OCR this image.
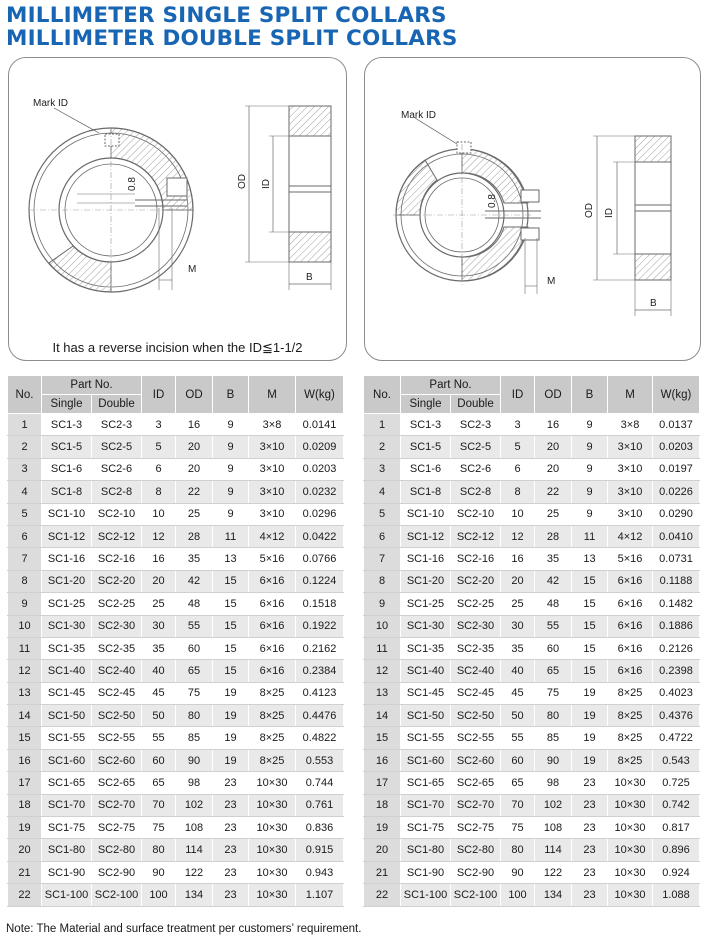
MILLIMETER SINGLE SPLIT COLLARS
MILLIMETER DOUBLE SPLIT COLLARS
Mark ID
0.8	OD ID
M
B
It has a reverse incision when the ID≦1-1/2
Mark ID
0.8
OD ID
M
B
No.	Part No.		ID	OD	B	M	W(kg)
	Single	Double					
1	SC1-3	SC2-3	3	16	9	3×8	0.0141
2	SC1-5	SC2-5	5	20	9	3×10	0.0209
3	SC1-6	SC2-6	6	20	9	3×10	0.0203
4	SC1-8	SC2-8	8	22	9	3×10	0.0232
5	SC1-10	SC2-10	10	25	9	3×10	0.0296
6	SC1-12	SC2-12	12	28	11	4×12	0.0422
7	SC1-16	SC2-16	16	35	13	5×16	0.0766
8	SC1-20	SC2-20	20	42	15	6×16	0.1224
9	SC1-25	SC2-25	25	48	15	6×16	0.1518
10	SC1-30	SC2-30	30	55	15	6×16	0.1922
11	SC1-35	SC2-35	35	60	15	6×16	0.2162
12	SC1-40	SC2-40	40	65	15	6×16	0.2384
13	SC1-45	SC2-45	45	75	19	8×25	0.4123
14	SC1-50	SC2-50	50	80	19	8×25	0.4476
15	SC1-55	SC2-55	55	85	19	8×25	0.4822
16	SC1-60	SC2-60	60	90	19	8×25	0.553
17	SC1-65	SC2-65	65	98	23	10×30	0.744
18	SC1-70	SC2-70	70	102	23	10×30	0.761
19	SC1-75	SC2-75	75	108	23	10×30	0.836
20	SC1-80	SC2-80	80	114	23	10×30	0.915
21	SC1-90	SC2-90	90	122	23	10×30	0.943
22	SC1-100	SC2-100	100	134	23	10×30	1.107
No.	Part No.		ID	OD	B	M	W(kg)
	Single	Double					
1	SC1-3	SC2-3	3	16	9	3×8	0.0137
2	SC1-5	SC2-5	5	20	9	3×10	0.0203
3	SC1-6	SC2-6	6	20	9	3×10	0.0197
4	SC1-8	SC2-8	8	22	9	3×10	0.0226
5	SC1-10	SC2-10	10	25	9	3×10	0.0290
6	SC1-12	SC2-12	12	28	11	4×12	0.0410
7	SC1-16	SC2-16	16	35	13	5×16	0.0731
8	SC1-20	SC2-20	20	42	15	6×16	0.1188
9	SC1-25	SC2-25	25	48	15	6×16	0.1482
10	SC1-30	SC2-30	30	55	15	6×16	0.1886
11	SC1-35	SC2-35	35	60	15	6×16	0.2126
12	SC1-40	SC2-40	40	65	15	6×16	0.2398
13	SC1-45	SC2-45	45	75	19	8×25	0.4023
14	SC1-50	SC2-50	50	80	19	8×25	0.4376
15	SC1-55	SC2-55	55	85	19	8×25	0.4722
16	SC1-60	SC2-60	60	90	19	8×25	0.543
17	SC1-65	SC2-65	65	98	23	10×30	0.725
18	SC1-70	SC2-70	70	102	23	10×30	0.742
19	SC1-75	SC2-75	75	108	23	10×30	0.817
20	SC1-80	SC2-80	80	114	23	10×30	0.896
21	SC1-90	SC2-90	90	122	23	10×30	0.924
22	SC1-100	SC2-100	100	134	23	10×30	1.088
Note: The Material and surface treatment per customers’ requirement.
